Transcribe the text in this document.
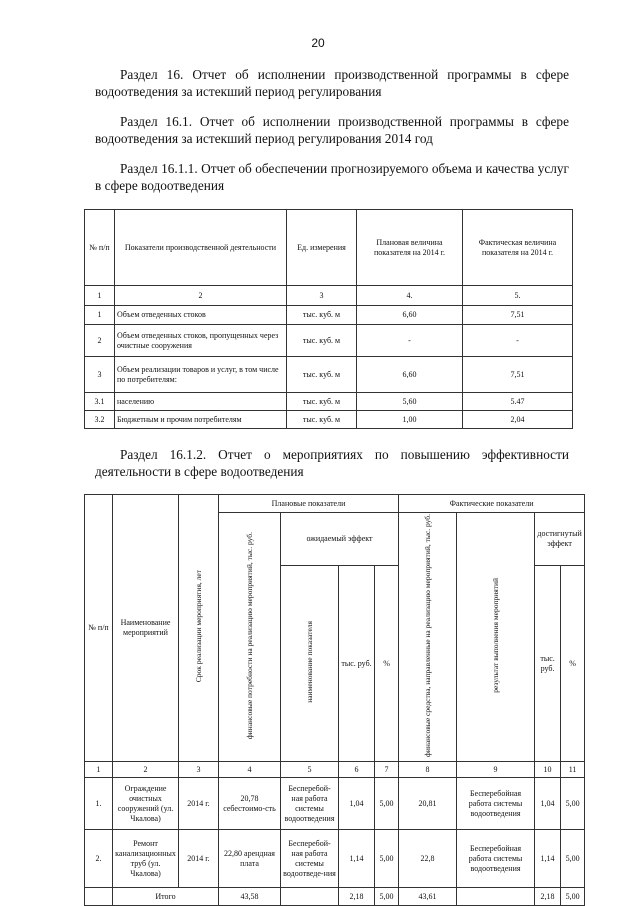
20
Раздел 16. Отчет об исполнении производственной программы в сфере водоотведения за истекший период регулирования
Раздел 16.1. Отчет об исполнении производственной программы в сфере водоотведения за истекший период регулирования 2014 год
Раздел 16.1.1. Отчет об обеспечении прогнозируемого объема и качества услуг в сфере водоотведения
№ п/п	Показатели производственной деятельности	Ед. измерения	Плановая величина показателя на 2014 г.	Фактическая величина показателя на 2014 г.
1	2	3	4.	5.
1	Объем отведенных стоков	тыс. куб. м	6,60	7,51
2	Объем отведенных стоков, пропущенных через очистные сооружения	тыс. куб. м	-	-
3	Объем реализации товаров и услуг, в том числе по потребителям:	тыс. куб. м	6,60	7,51
3.1	населению	тыс. куб. м	5,60	5.47
3.2	Бюджетным и прочим потребителям	тыс. куб. м	1,00	2,04
Раздел 16.1.2. Отчет о мероприятиях по повышению эффективности деятельности в сфере водоотведения
№ п/п	Наименование мероприятий	Срок реализации мероприятия, лет	Плановые показатели				Фактические показатели			
			финансовые потребности на реализацию мероприятий, тыс. руб.	ожидаемый эффект			финансовые средства, направленные на реализацию мероприятий, тыс. руб.	результат выполнения мероприятий	достигнутый эффект	
				наименование показателя	тыс. руб.	%			тыс. руб.	%
1	2	3	4	5	6	7	8	9	10	11
1.	Ограждение очистных сооружений (ул. Чкалова)	2014 г.	20,78 себестоимо-сть	Бесперебой-ная работа системы водоотведения	1,04	5,00	20,81	Бесперебойная работа системы водоотведения	1,04	5,00
2.	Ремонт канализационных труб (ул. Чкалова)	2014 г.	22,80 арендная плата	Бесперебой-ная работа системы водоотведе-ния	1,14	5,00	22,8	Бесперебойная работа системы водоотведения	1,14	5,00
	Итого		43,58		2,18	5,00	43,61		2,18	5,00
